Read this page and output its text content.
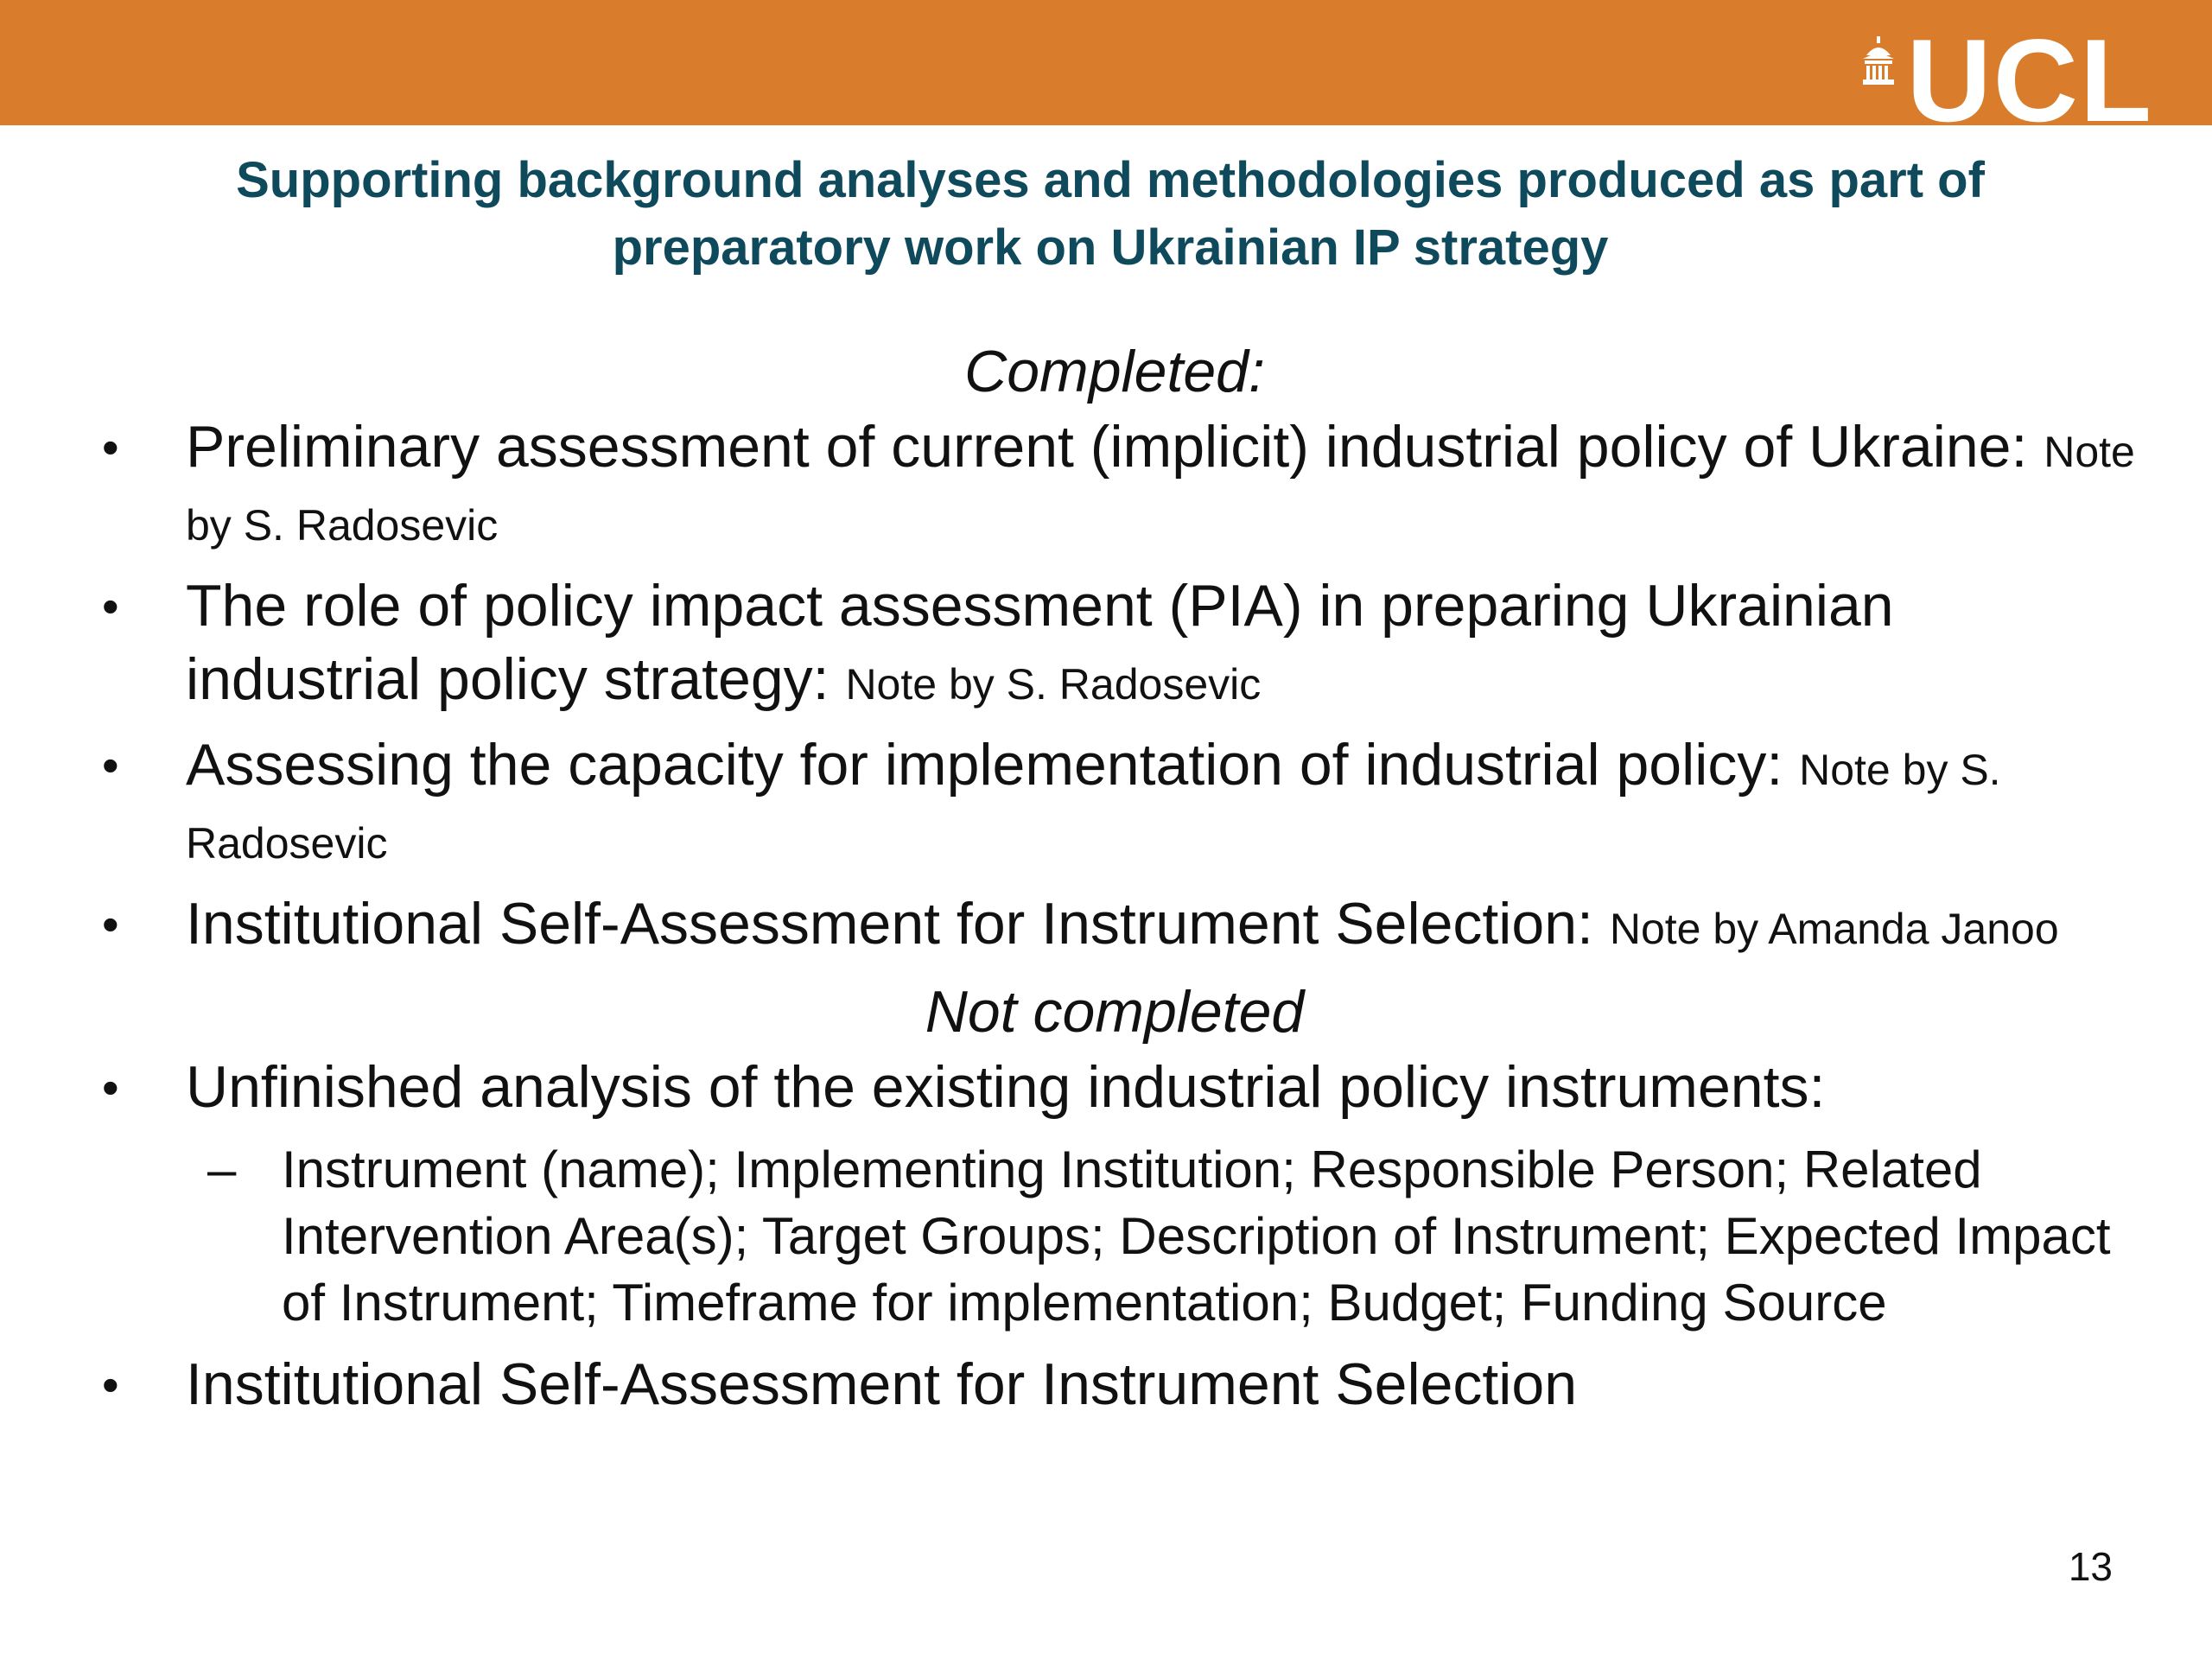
UCL
Supporting background analyses and methodologies produced as part of preparatory work on Ukrainian IP strategy
Completed:
• Preliminary assessment of current (implicit) industrial policy of Ukraine: Note by S. Radosevic
• The role of policy impact assessment (PIA) in preparing Ukrainian industrial policy strategy: Note by S. Radosevic
• Assessing the capacity for implementation of industrial policy: Note by S. Radosevic
• Institutional Self-Assessment for Instrument Selection: Note by Amanda Janoo
Not completed
• Unfinished analysis of the existing industrial policy instruments:
– Instrument (name); Implementing Institution; Responsible Person; Related Intervention Area(s); Target Groups; Description of Instrument; Expected Impact of Instrument; Timeframe for implementation; Budget; Funding Source
• Institutional Self-Assessment for Instrument Selection
13
